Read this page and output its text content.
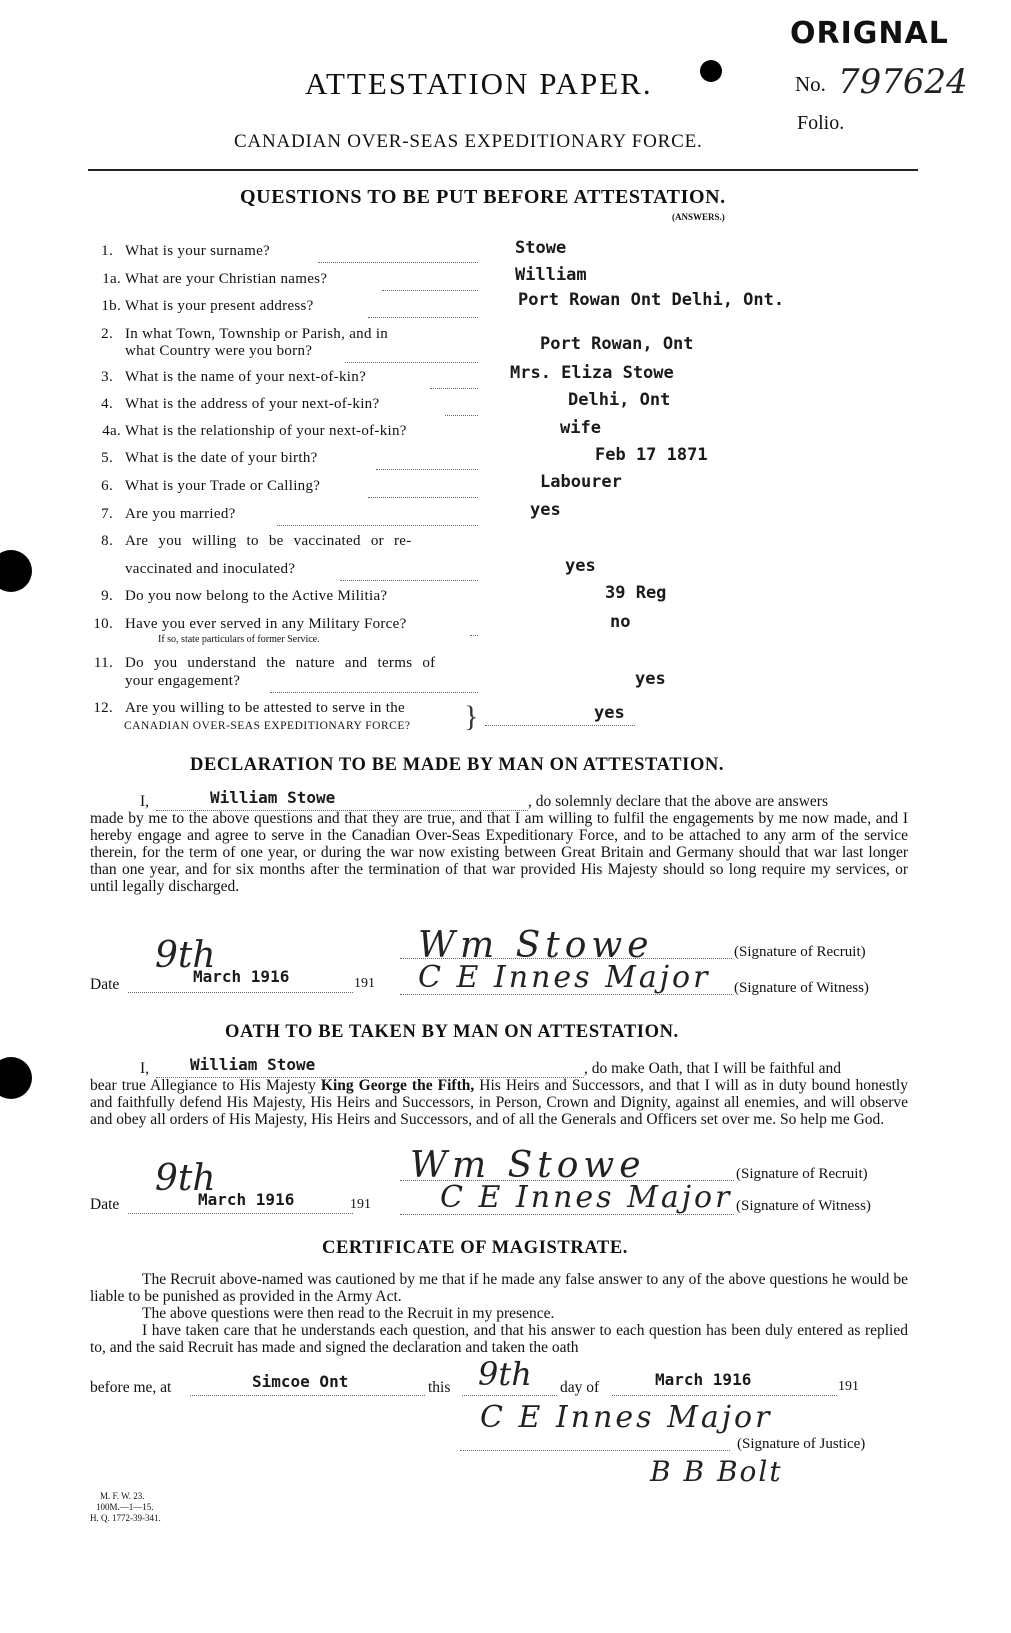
ATTESTATION PAPER.
CANADIAN OVER-SEAS EXPEDITIONARY FORCE.
ORIGNAL
No. 797624
Folio.
QUESTIONS TO BE PUT BEFORE ATTESTATION.
(ANSWERS.)
1. What is your surname?	Stowe
1a. What are your Christian names?	William
1b. What is your present address?	Port Rowan Ont Delhi, Ont.
2. In what Town, Township or Parish, and in
what Country were you born?	Port Rowan, Ont
3. What is the name of your next-of-kin?	Mrs. Eliza Stowe
4. What is the address of your next-of-kin?	Delhi, Ont
4a. What is the relationship of your next-of-kin?	wife
5. What is the date of your birth?	Feb 17 1871
6. What is your Trade or Calling?	Labourer
7. Are you married?	yes
8. Are you willing to be vaccinated or re-
vaccinated and inoculated?	yes
9. Do you now belong to the Active Militia?	39 Reg
10. Have you ever served in any Military Force?
If so, state particulars of former Service.
no
11. Do you understand the nature and terms of
your engagement?	yes
12. Are you willing to be attested to serve in the
CANADIAN OVER-SEAS EXPEDITIONARY FORCE? }	yes
DECLARATION TO BE MADE BY MAN ON ATTESTATION.
I,	William Stowe	, do solemnly declare that the above are answers
made by me to the above questions and that they are true, and that I am willing to fulfil the engagements by me now made, and I hereby engage and agree to serve in the Canadian Over-Seas Expeditionary Force, and to be attached to any arm of the service therein, for the term of one year, or during the war now existing between Great Britain and Germany should that war last longer than one year, and for six months after the termination of that war provided His Majesty should so long require my services, or until legally discharged.
Date
9th
March 1916	191
Wm Stowe	(Signature of Recruit)
C E Innes Major (Signature of Witness)
OATH TO BE TAKEN BY MAN ON ATTESTATION.
I,	William Stowe	, do make Oath, that I will be faithful and
bear true Allegiance to His Majesty King George the Fifth, His Heirs and Successors, and that I will as in duty bound honestly and faithfully defend His Majesty, His Heirs and Successors, in Person, Crown and Dignity, against all enemies, and will observe and obey all orders of His Majesty, His Heirs and Successors, and of all the Generals and Officers set over me. So help me God.
Date
9th
March 1916	191
Wm Stowe	(Signature of Recruit)
C E Innes Major (Signature of Witness)
CERTIFICATE OF MAGISTRATE.
The Recruit above-named was cautioned by me that if he made any false answer to any of the above questions he would be liable to be punished as provided in the Army Act.
The above questions were then read to the Recruit in my presence.
I have taken care that he understands each question, and that his answer to each question has been duly entered as replied to, and the said Recruit has made and signed the declaration and taken the oath
before me, at	Simcoe Ont	this 9th day of	March 1916	191
C E Innes Major
(Signature of Justice)
B B Bolt
M. F. W. 23.
100M.—1—15.
H. Q. 1772-39-341.
